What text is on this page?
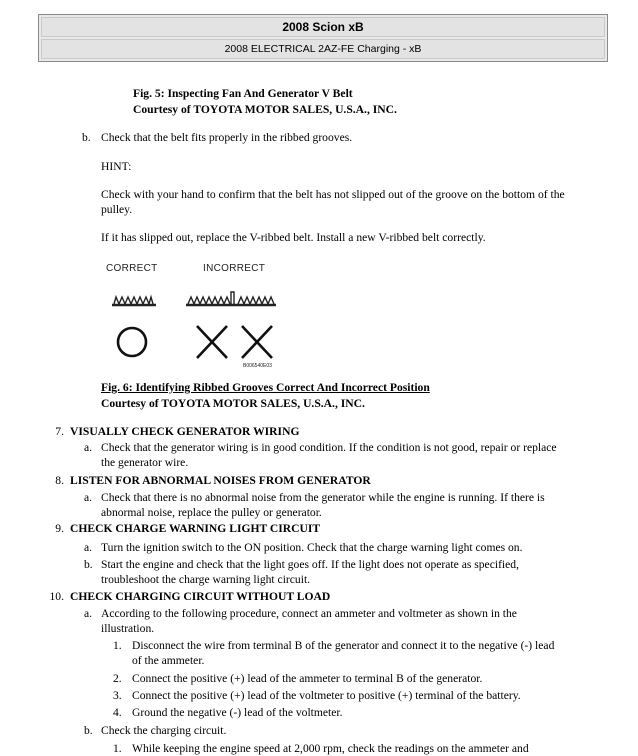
2008 Scion xB
2008 ELECTRICAL 2AZ-FE Charging - xB
Fig. 5: Inspecting Fan And Generator V Belt
Courtesy of TOYOTA MOTOR SALES, U.S.A., INC.
b. Check that the belt fits properly in the ribbed grooves.
HINT:
Check with your hand to confirm that the belt has not slipped out of the groove on the bottom of the
pulley.
If it has slipped out, replace the V-ribbed belt. Install a new V-ribbed belt correctly.
CORRECT	INCORRECT
B006540E03
Fig. 6: Identifying Ribbed Grooves Correct And Incorrect Position
Courtesy of TOYOTA MOTOR SALES, U.S.A., INC.
7. VISUALLY CHECK GENERATOR WIRING
a. Check that the generator wiring is in good condition. If the condition is not good, repair or replace
the generator wire.
8. LISTEN FOR ABNORMAL NOISES FROM GENERATOR
a. Check that there is no abnormal noise from the generator while the engine is running. If there is
abnormal noise, replace the pulley or generator.
9. CHECK CHARGE WARNING LIGHT CIRCUIT
a. Turn the ignition switch to the ON position. Check that the charge warning light comes on.
b. Start the engine and check that the light goes off. If the light does not operate as specified,
troubleshoot the charge warning light circuit.
10. CHECK CHARGING CIRCUIT WITHOUT LOAD
a. According to the following procedure, connect an ammeter and voltmeter as shown in the
illustration.
1. Disconnect the wire from terminal B of the generator and connect it to the negative (-) lead
of the ammeter.
2. Connect the positive (+) lead of the ammeter to terminal B of the generator.
3. Connect the positive (+) lead of the voltmeter to positive (+) terminal of the battery.
4. Ground the negative (-) lead of the voltmeter.
b. Check the charging circuit.
1. While keeping the engine speed at 2,000 rpm, check the readings on the ammeter and
